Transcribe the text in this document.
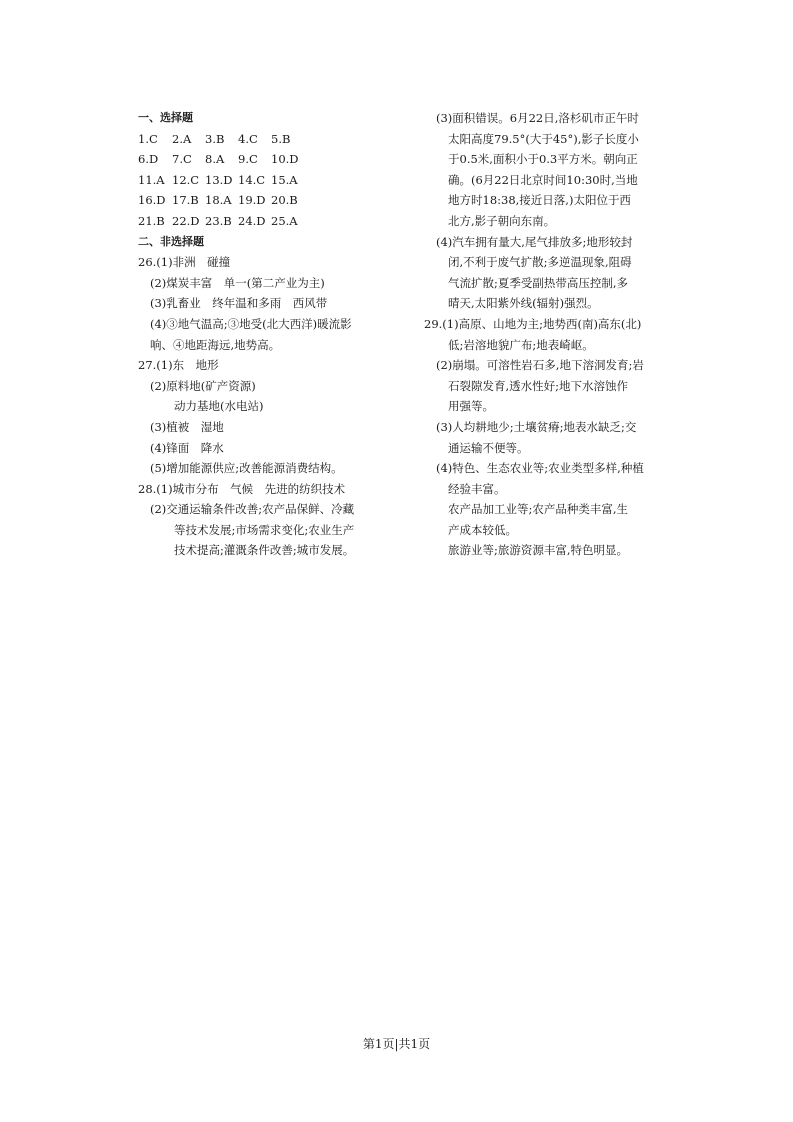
一、选择题
1.C	2.A	3.B	4.C	5.B
6.D	7.C	8.A	9.C	10.D
11.A 12.C 13.D 14.C 15.A
16.D 17.B 18.A 19.D 20.B
21.B 22.D 23.B 24.D 25.A
二、非选择题
26.(1)非洲　碰撞
(2)煤炭丰富　单一(第二产业为主)
(3)乳畜业　终年温和多雨　西风带
(4)③地气温高;③地受(北大西洋)暖流影
响、④地距海远,地势高。
27.(1)东　地形
(2)原料地(矿产资源)
动力基地(水电站)
(3)植被　湿地
(4)锋面　降水
(5)增加能源供应;改善能源消费结构。
28.(1)城市分布　气候　先进的纺织技术
(2)交通运输条件改善;农产品保鲜、冷藏
等技术发展;市场需求变化;农业生产
技术提高;灌溉条件改善;城市发展。
(3)面积错误。6月22日,洛杉矶市正午时
太阳高度79.5°(大于45°),影子长度小
于0.5米,面积小于0.3平方米。朝向正
确。(6月22日北京时间10:30时,当地
地方时18:38,接近日落,)太阳位于西
北方,影子朝向东南。
(4)汽车拥有量大,尾气排放多;地形较封
闭,不利于废气扩散;多逆温现象,阻碍
气流扩散;夏季受副热带高压控制,多
晴天,太阳紫外线(辐射)强烈。
29.(1)高原、山地为主;地势西(南)高东(北)
低;岩溶地貌广布;地表崎岖。
(2)崩塌。可溶性岩石多,地下溶洞发育;岩
石裂隙发育,透水性好;地下水溶蚀作
用强等。
(3)人均耕地少;土壤贫瘠;地表水缺乏;交
通运输不便等。
(4)特色、生态农业等;农业类型多样,种植
经验丰富。
农产品加工业等;农产品种类丰富,生
产成本较低。
旅游业等;旅游资源丰富,特色明显。
第1页|共1页
